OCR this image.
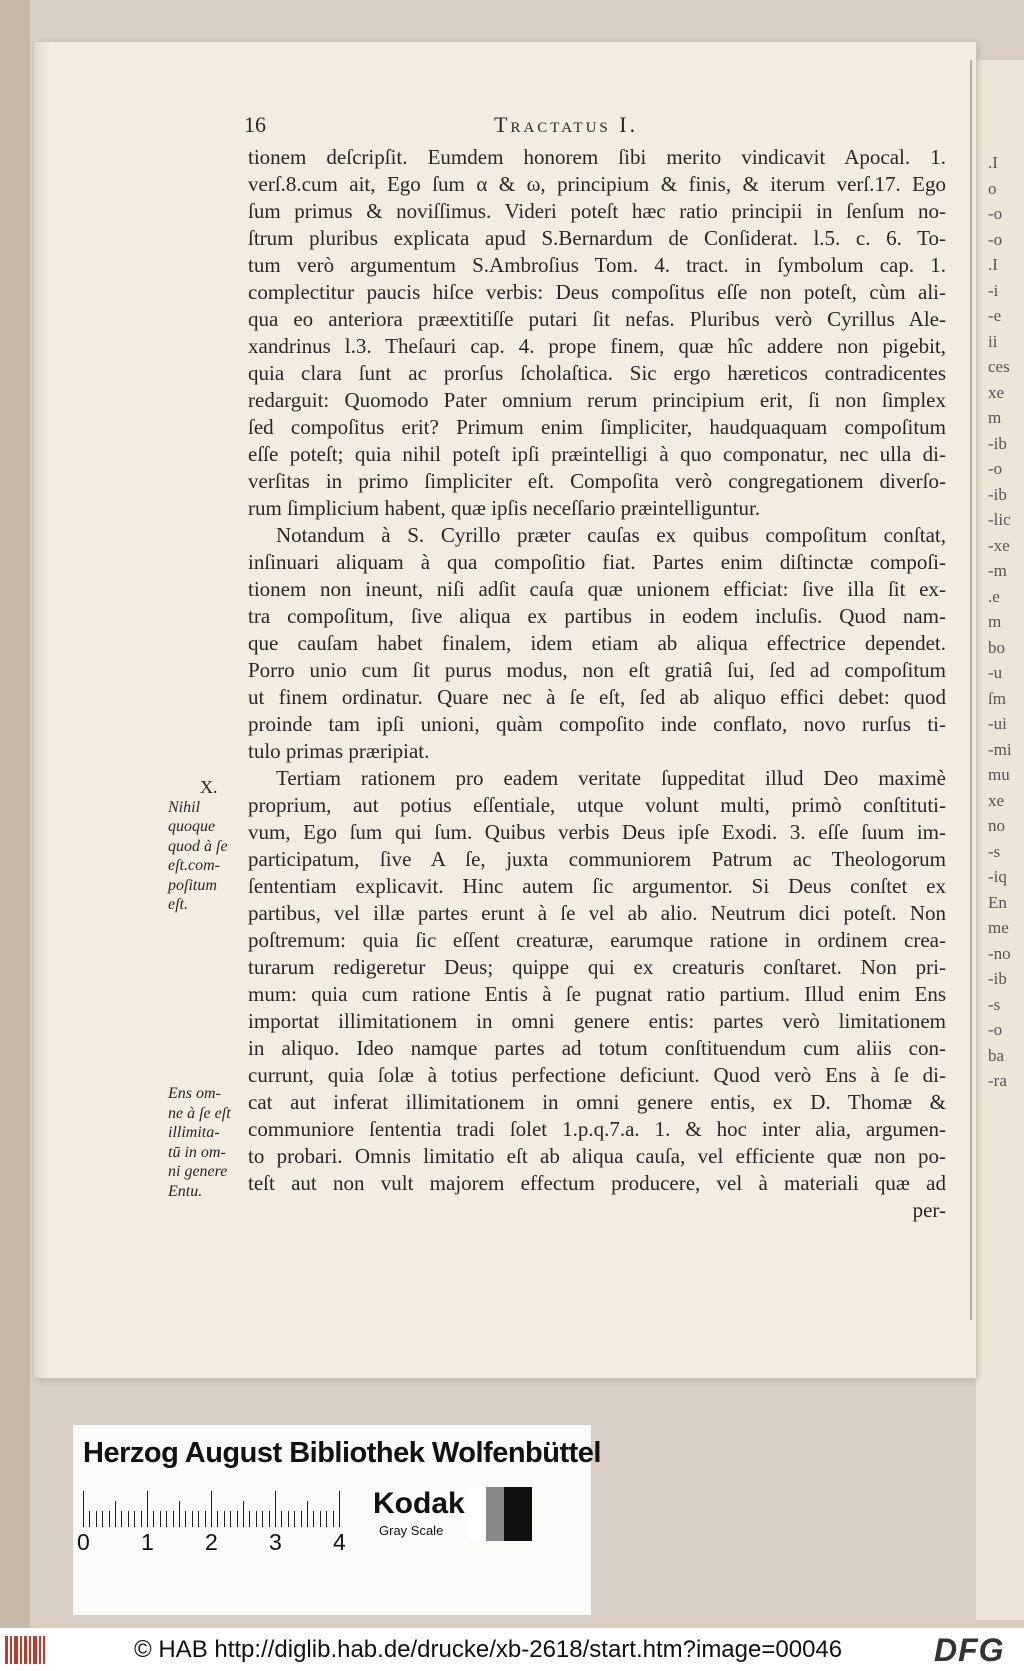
.I
o
-o
-o
.I
-i
-e
ii
ces
xe
m
-ib
-o
-ib
-lic
-xe
-m
.e
m
bo
-u
ſm
-ui
-mi
mu
xe
no
-s
-iq
En
me
-no
-ib
-s
-o
ba
-ra
16	Tractatus I.
tionem deſcripſit. Eumdem honorem ſibi merito vindicavit Apocal. 1.
verſ.8.cum ait, Ego ſum α & ω, principium & finis, & iterum verſ.17. Ego
ſum primus & noviſſimus. Videri poteſt hæc ratio principii in ſenſum no-
ſtrum pluribus explicata apud S.Bernardum de Conſiderat. l.5. c. 6. To-
tum verò argumentum S.Ambroſius Tom. 4. tract. in ſymbolum cap. 1.
complectitur paucis hiſce verbis: Deus compoſitus eſſe non poteſt, cùm ali-
qua eo anteriora præextitiſſe putari ſit nefas. Pluribus verò Cyrillus Ale-
xandrinus l.3. Theſauri cap. 4. prope finem, quæ hîc addere non pigebit,
quia clara ſunt ac prorſus ſcholaſtica. Sic ergo hæreticos contradicentes
redarguit: Quomodo Pater omnium rerum principium erit, ſi non ſimplex
ſed compoſitus erit? Primum enim ſimpliciter, haudquaquam compoſitum
eſſe poteſt; quia nihil poteſt ipſi præintelligi à quo componatur, nec ulla di-
verſitas in primo ſimpliciter eſt. Compoſita verò congregationem diverſo-
rum ſimplicium habent, quæ ipſis neceſſario præintelliguntur.
Notandum à S. Cyrillo præter cauſas ex quibus compoſitum conſtat,
inſinuari aliquam à qua compoſitio fiat. Partes enim diſtinctæ compoſi-
tionem non ineunt, niſi adſit cauſa quæ unionem efficiat: ſive illa ſit ex-
tra compoſitum, ſive aliqua ex partibus in eodem incluſis. Quod nam-
que cauſam habet finalem, idem etiam ab aliqua effectrice dependet.
Porro unio cum ſit purus modus, non eſt gratiâ ſui, ſed ad compoſitum
ut finem ordinatur. Quare nec à ſe eſt, ſed ab aliquo effici debet: quod
proinde tam ipſi unioni, quàm compoſito inde conflato, novo rurſus ti-
tulo primas præripiat.
Tertiam rationem pro eadem veritate ſuppeditat illud Deo maximè
proprium, aut potius eſſentiale, utque volunt multi, primò conſtituti-
vum, Ego ſum qui ſum. Quibus verbis Deus ipſe Exodi. 3. eſſe ſuum im-
participatum, ſive A ſe, juxta communiorem Patrum ac Theologorum
ſententiam explicavit. Hinc autem ſic argumentor. Si Deus conſtet ex
partibus, vel illæ partes erunt à ſe vel ab alio. Neutrum dici poteſt. Non
poſtremum: quia ſic eſſent creaturæ, earumque ratione in ordinem crea-
turarum redigeretur Deus; quippe qui ex creaturis conſtaret. Non pri-
mum: quia cum ratione Entis à ſe pugnat ratio partium. Illud enim Ens
importat illimitationem in omni genere entis: partes verò limitationem
in aliquo. Ideo namque partes ad totum conſtituendum cum aliis con-
currunt, quia ſolæ à totius perfectione deficiunt. Quod verò Ens à ſe di-
cat aut inferat illimitationem in omni genere entis, ex D. Thomæ &
communiore ſententia tradi ſolet 1.p.q.7.a. 1. & hoc inter alia, argumen-
to probari. Omnis limitatio eſt ab aliqua cauſa, vel efficiente quæ non po-
teſt aut non vult majorem effectum producere, vel à materiali quæ ad
per-
X.
Nihil
quoque
quod à ſe
eſt.com-
poſitum
eſt.
Ens om-
ne à ſe eſt
illimita-
tū in om-
ni genere
Entu.
Herzog August Bibliothek Wolfenbüttel
0 1 2 3 4
Kodak
Gray Scale
© HAB http://diglib.hab.de/drucke/xb-2618/start.htm?image=00046	DFG
